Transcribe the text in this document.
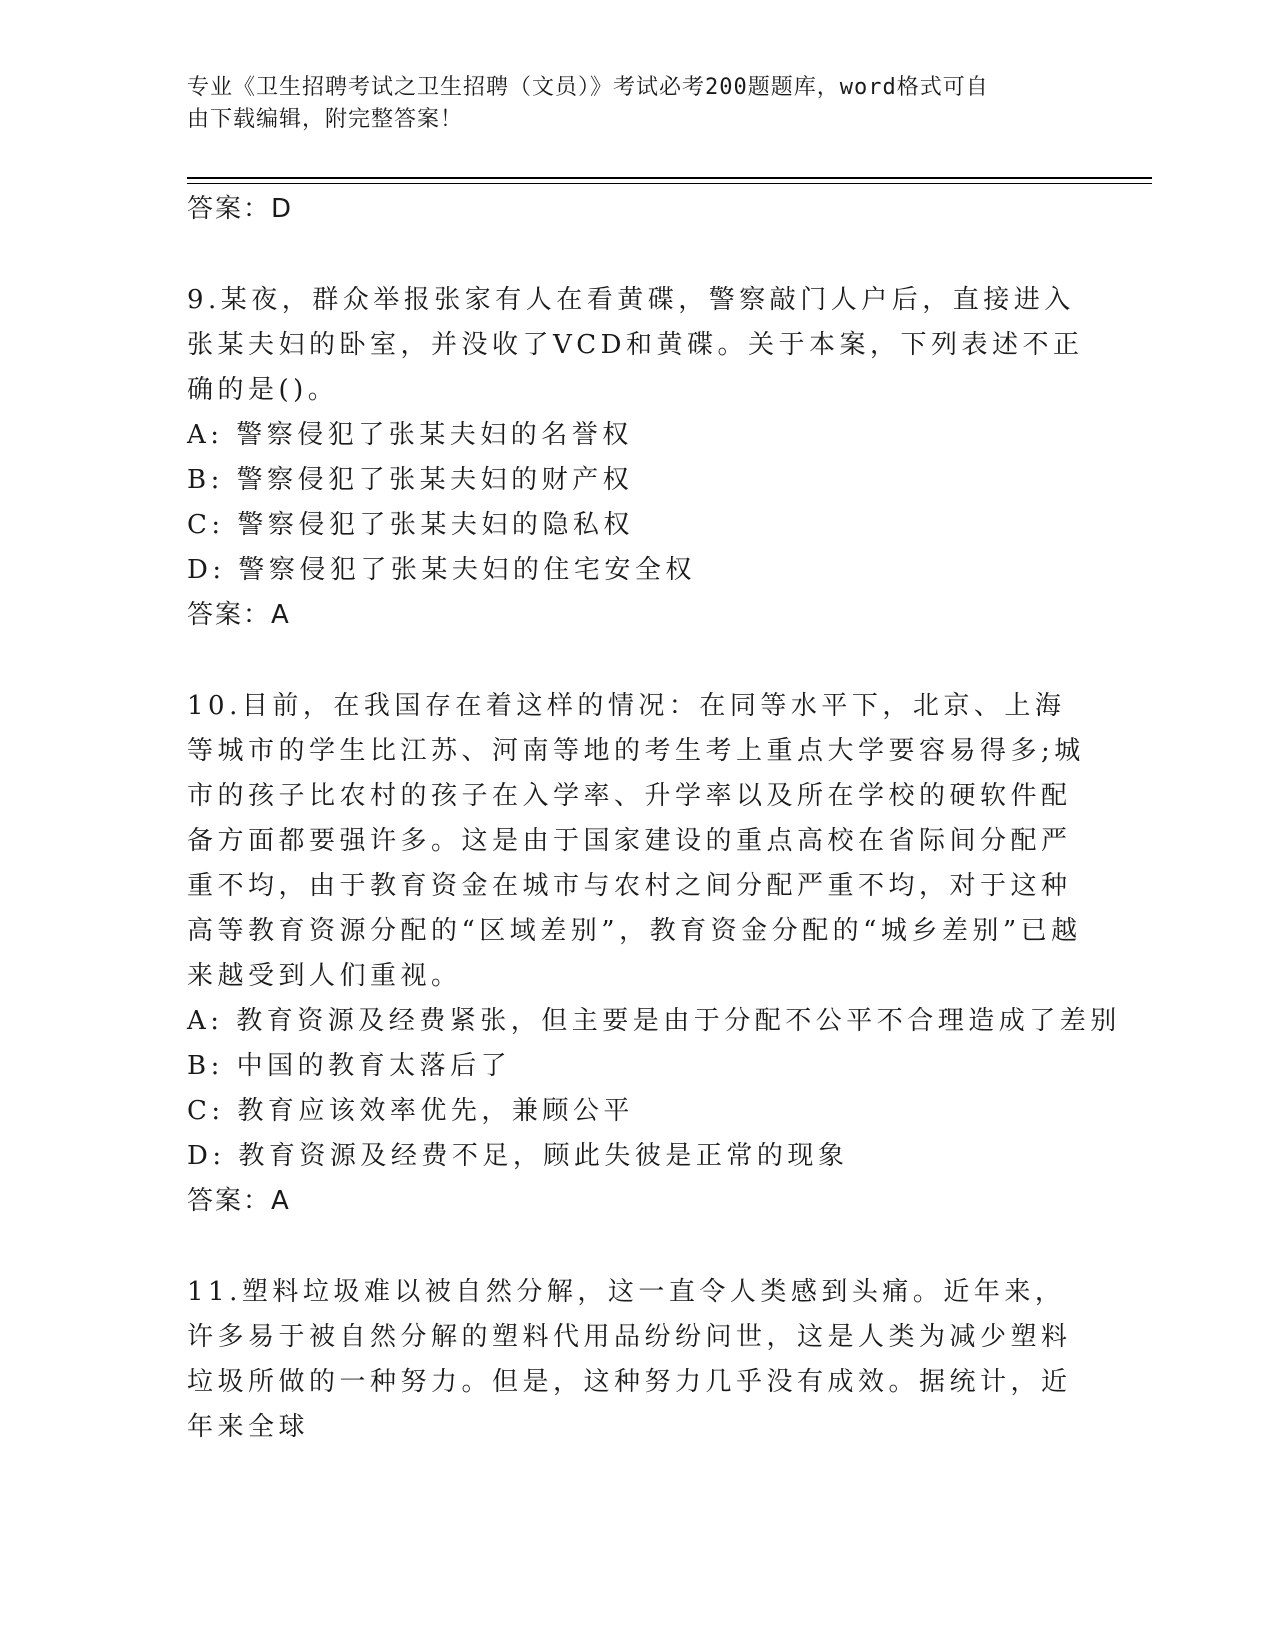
专业《卫生招聘考试之卫生招聘（文员）》考试必考200题题库，word格式可自
由下载编辑，附完整答案！

答案：D

9.某夜，群众举报张家有人在看黄碟，警察敲门人户后，直接进入张某夫妇的卧室，并没收了VCD和黄碟。关于本案，下列表述不正确的是()。

A: 警察侵犯了张某夫妇的名誉权

B: 警察侵犯了张某夫妇的财产权

C: 警察侵犯了张某夫妇的隐私权

D: 警察侵犯了张某夫妇的住宅安全权

答案：A

10.目前，在我国存在着这样的情况：在同等水平下，北京、上海等城市的学生比江苏、河南等地的考生考上重点大学要容易得多;城市的孩子比农村的孩子在入学率、升学率以及所在学校的硬软件配备方面都要强许多。这是由于国家建设的重点高校在省际间分配严重不均，由于教育资金在城市与农村之间分配严重不均，对于这种高等教育资源分配的“区域差别”，教育资金分配的“城乡差别”已越来越受到人们重视。

A: 教育资源及经费紧张，但主要是由于分配不公平不合理造成了差别

B: 中国的教育太落后了

C: 教育应该效率优先，兼顾公平

D: 教育资源及经费不足，顾此失彼是正常的现象

答案：A

11.塑料垃圾难以被自然分解，这一直令人类感到头痛。近年来，许多易于被自然分解的塑料代用品纷纷问世，这是人类为减少塑料垃圾所做的一种努力。但是，这种努力几乎没有成效。据统计，近年来全球
